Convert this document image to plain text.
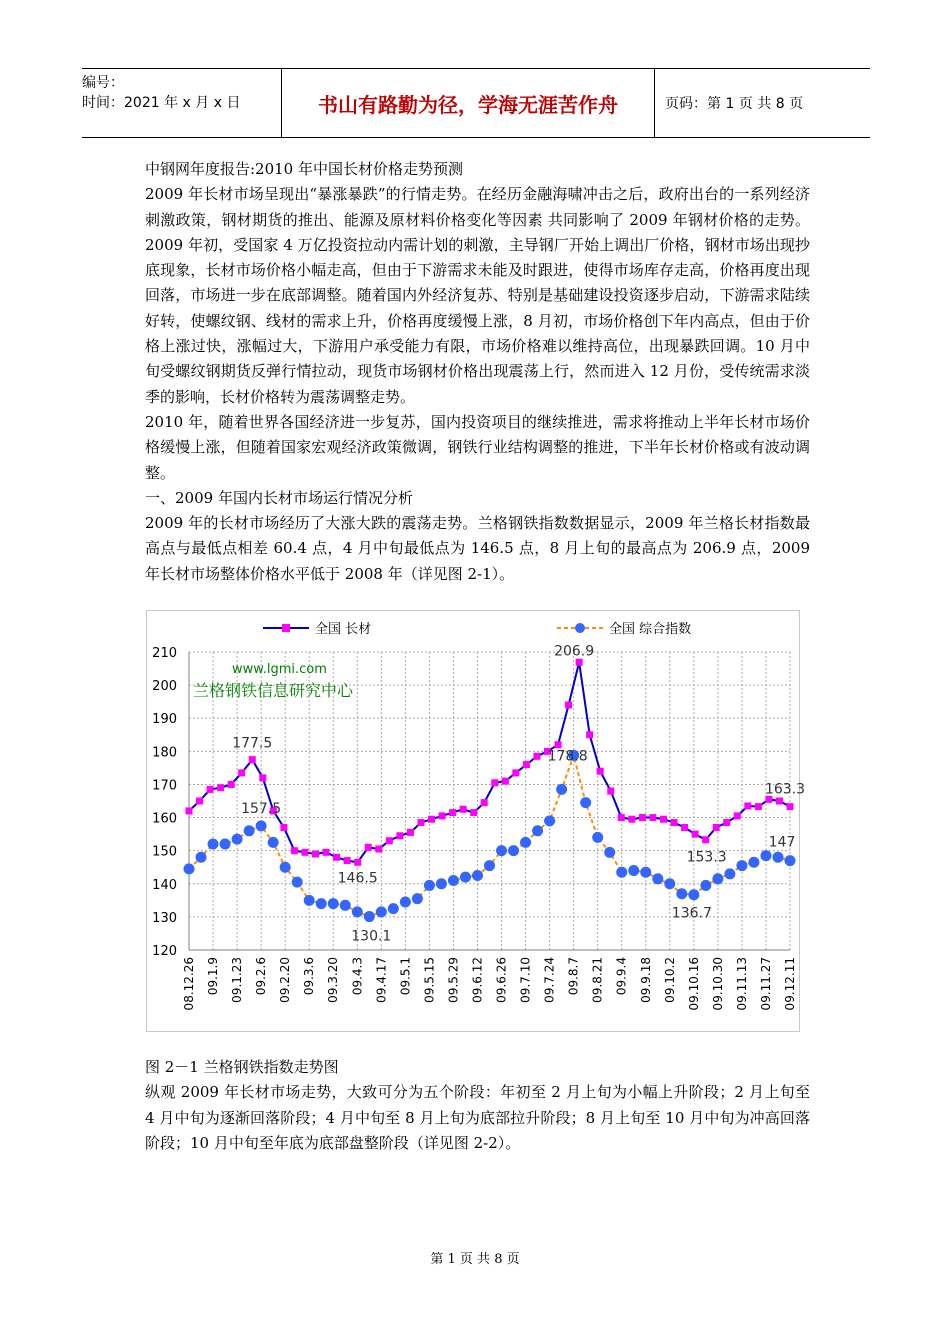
编号：
时间：2021 年 x 月 x 日	书山有路勤为径，学海无涯苦作舟	页码：第 1 页 共 8 页

中钢网年度报告:2010 年中国长材价格走势预测

2009 年长材市场呈现出“暴涨暴跌”的行情走势。在经历金融海啸冲击之后，政府出台的一系列经济刺激政策，钢材期货的推出、能源及原材料价格变化等因素 共同影响了 2009 年钢材价格的走势。2009 年初，受国家 4 万亿投资拉动内需计划的刺激，主导钢厂开始上调出厂价格，钢材市场出现抄底现象，长材市场价格小幅走高，但由于下游需求未能及时跟进，使得市场库存走高，价格再度出现回落，市场进一步在底部调整。随着国内外经济复苏、特别是基础建设投资逐步启动，下游需求陆续好转，使螺纹钢、线材的需求上升，价格再度缓慢上涨，8 月初，市场价格创下年内高点，但由于价格上涨过快，涨幅过大，下游用户承受能力有限，市场价格难以维持高位，出现暴跌回调。10 月中旬受螺纹钢期货反弹行情拉动，现货市场钢材价格出现震荡上行，然而进入 12 月份，受传统需求淡季的影响，长材价格转为震荡调整走势。

2010 年，随着世界各国经济进一步复苏，国内投资项目的继续推进，需求将推动上半年长材市场价格缓慢上涨，但随着国家宏观经济政策微调，钢铁行业结构调整的推进，下半年长材价格或有波动调整。

一、2009 年国内长材市场运行情况分析

2009 年的长材市场经历了大涨大跌的震荡走势。兰格钢铁指数数据显示，2009 年兰格长材指数最高点与最低点相差 60.4 点，4 月中旬最低点为 146.5 点，8 月上旬的最高点为 206.9 点，2009 年长材市场整体价格水平低于 2008 年（详见图 2-1）。

全国 长材	全国 综合指数
120
130
140
150
160
170
180
190
200
210
08.12.26 09.1.9 09.1.23 09.2.6 09.2.20 09.3.6 09.3.20 09.4.3 09.4.17 09.5.1 09.5.15 09.5.29 09.6.12 09.6.26 09.7.10 09.7.24 09.8.7 09.8.21 09.9.4 09.9.18 09.10.2 09.10.16 09.10.30 09.11.13 09.11.27 09.12.11
www.lgmi.com
兰格钢铁信息研究中心
177.5
157.5
146.5
130.1
206.9
178.8
153.3
136.7
163.3
147

图 2－1 兰格钢铁指数走势图

纵观 2009 年长材市场走势，大致可分为五个阶段：年初至 2 月上旬为小幅上升阶段；2 月上旬至 4 月中旬为逐渐回落阶段；4 月中旬至 8 月上旬为底部拉升阶段；8 月上旬至 10 月中旬为冲高回落阶段；10 月中旬至年底为底部盘整阶段（详见图 2-2）。

第 1 页 共 8 页
